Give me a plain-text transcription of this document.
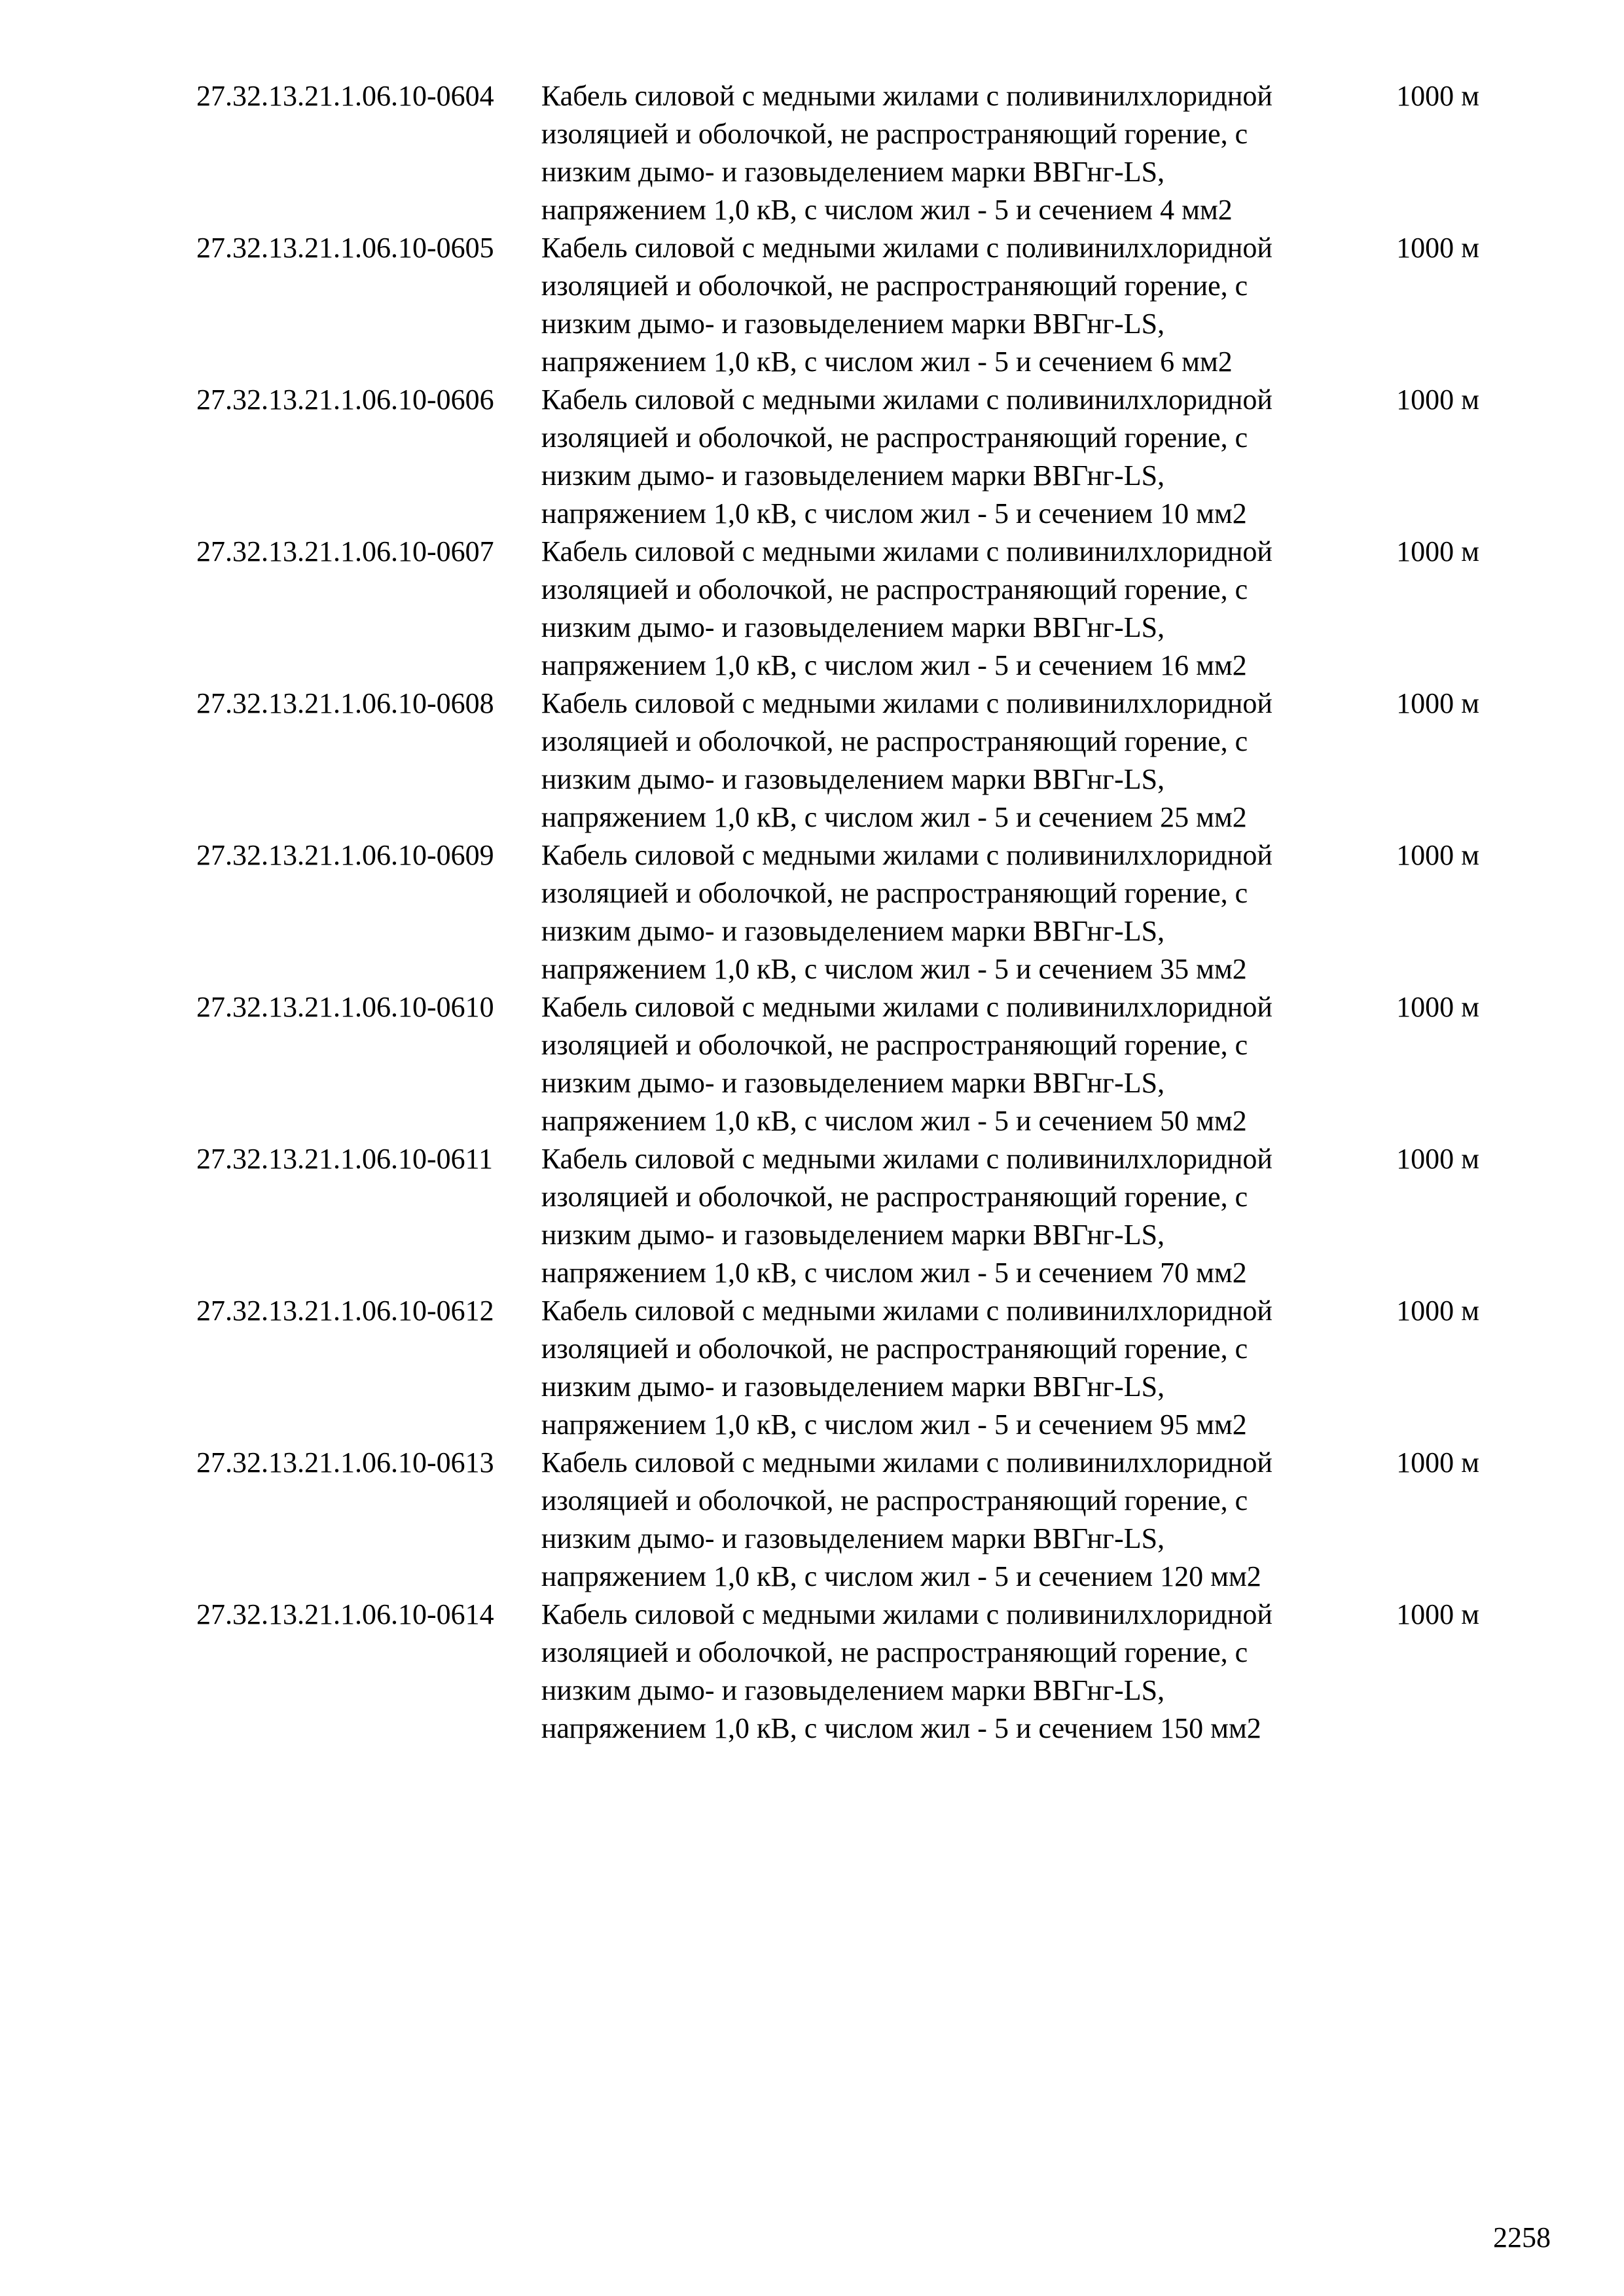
27.32.13.21.1.06.10-0604	Кабель силовой с медными жилами с поливинилхлоридной изоляцией и оболочкой, не распространяющий горение, с низким дымо- и газовыделением марки ВВГнг-LS, напряжением 1,0 кВ, с числом жил - 5 и сечением 4 мм2	1000 м
27.32.13.21.1.06.10-0605	Кабель силовой с медными жилами с поливинилхлоридной изоляцией и оболочкой, не распространяющий горение, с низким дымо- и газовыделением марки ВВГнг-LS, напряжением 1,0 кВ, с числом жил - 5 и сечением 6 мм2	1000 м
27.32.13.21.1.06.10-0606	Кабель силовой с медными жилами с поливинилхлоридной изоляцией и оболочкой, не распространяющий горение, с низким дымо- и газовыделением марки ВВГнг-LS, напряжением 1,0 кВ, с числом жил - 5 и сечением 10 мм2	1000 м
27.32.13.21.1.06.10-0607	Кабель силовой с медными жилами с поливинилхлоридной изоляцией и оболочкой, не распространяющий горение, с низким дымо- и газовыделением марки ВВГнг-LS, напряжением 1,0 кВ, с числом жил - 5 и сечением 16 мм2	1000 м
27.32.13.21.1.06.10-0608	Кабель силовой с медными жилами с поливинилхлоридной изоляцией и оболочкой, не распространяющий горение, с низким дымо- и газовыделением марки ВВГнг-LS, напряжением 1,0 кВ, с числом жил - 5 и сечением 25 мм2	1000 м
27.32.13.21.1.06.10-0609	Кабель силовой с медными жилами с поливинилхлоридной изоляцией и оболочкой, не распространяющий горение, с низким дымо- и газовыделением марки ВВГнг-LS, напряжением 1,0 кВ, с числом жил - 5 и сечением 35 мм2	1000 м
27.32.13.21.1.06.10-0610	Кабель силовой с медными жилами с поливинилхлоридной изоляцией и оболочкой, не распространяющий горение, с низким дымо- и газовыделением марки ВВГнг-LS, напряжением 1,0 кВ, с числом жил - 5 и сечением 50 мм2	1000 м
27.32.13.21.1.06.10-0611	Кабель силовой с медными жилами с поливинилхлоридной изоляцией и оболочкой, не распространяющий горение, с низким дымо- и газовыделением марки ВВГнг-LS, напряжением 1,0 кВ, с числом жил - 5 и сечением 70 мм2	1000 м
27.32.13.21.1.06.10-0612	Кабель силовой с медными жилами с поливинилхлоридной изоляцией и оболочкой, не распространяющий горение, с низким дымо- и газовыделением марки ВВГнг-LS, напряжением 1,0 кВ, с числом жил - 5 и сечением 95 мм2	1000 м
27.32.13.21.1.06.10-0613	Кабель силовой с медными жилами с поливинилхлоридной изоляцией и оболочкой, не распространяющий горение, с низким дымо- и газовыделением марки ВВГнг-LS, напряжением 1,0 кВ, с числом жил - 5 и сечением 120 мм2	1000 м
27.32.13.21.1.06.10-0614	Кабель силовой с медными жилами с поливинилхлоридной изоляцией и оболочкой, не распространяющий горение, с низким дымо- и газовыделением марки ВВГнг-LS, напряжением 1,0 кВ, с числом жил - 5 и сечением 150 мм2	1000 м
2258
